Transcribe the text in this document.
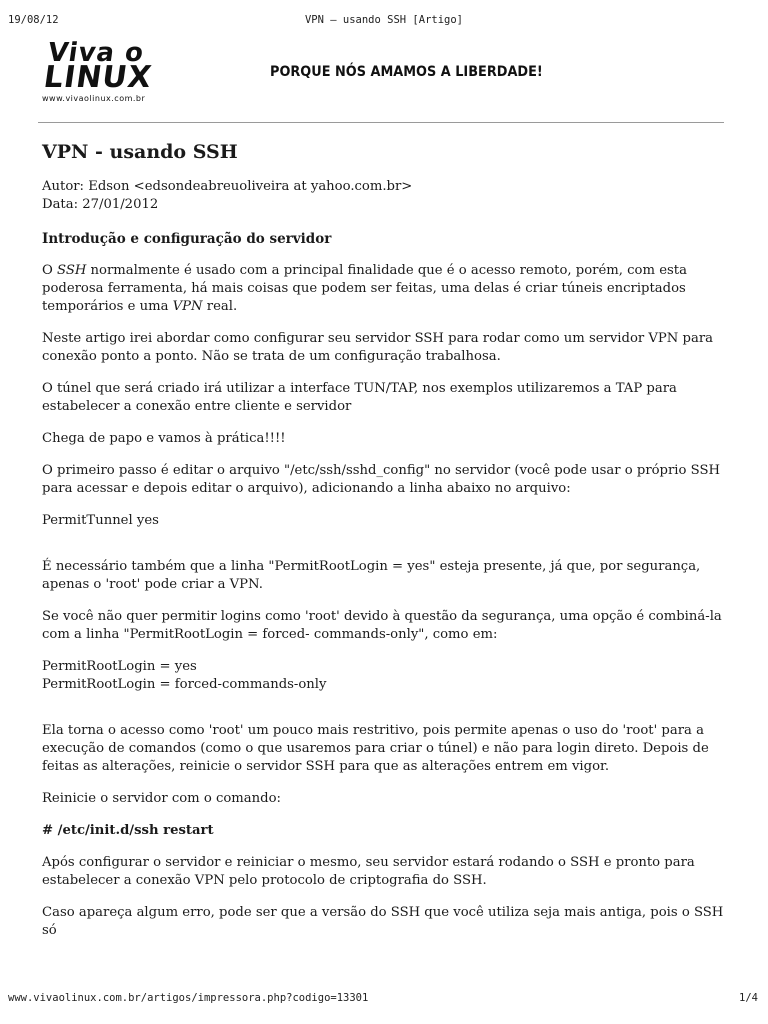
19/08/12	VPN – usando SSH [Artigo]
Viva o
LINUX
www.vivaolinux.com.br
PORQUE NÓS AMAMOS A LIBERDADE!
VPN - usando SSH

Autor: Edson <edsondeabreuoliveira at yahoo.com.br>

Data: 27/01/2012

Introdução e configuração do servidor

O SSH normalmente é usado com a principal finalidade que é o acesso remoto, porém, com esta poderosa ferramenta, há mais coisas que podem ser feitas, uma delas é criar túneis encriptados temporários e uma VPN real.

Neste artigo irei abordar como configurar seu servidor SSH para rodar como um servidor VPN para conexão ponto a ponto. Não se trata de um configuração trabalhosa.

O túnel que será criado irá utilizar a interface TUN/TAP, nos exemplos utilizaremos a TAP para estabelecer a conexão entre cliente e servidor

Chega de papo e vamos à prática!!!!

O primeiro passo é editar o arquivo "/etc/ssh/sshd_config" no servidor (você pode usar o próprio SSH para acessar e depois editar o arquivo), adicionando a linha abaixo no arquivo:

PermitTunnel yes

É necessário também que a linha "PermitRootLogin = yes" esteja presente, já que, por segurança, apenas o 'root' pode criar a VPN.

Se você não quer permitir logins como 'root' devido à questão da segurança, uma opção é combiná-la com a linha "PermitRootLogin = forced- commands-only", como em:

PermitRootLogin = yes

PermitRootLogin = forced-commands-only

Ela torna o acesso como 'root' um pouco mais restritivo, pois permite apenas o uso do 'root' para a execução de comandos (como o que usaremos para criar o túnel) e não para login direto. Depois de feitas as alterações, reinicie o servidor SSH para que as alterações entrem em vigor.

Reinicie o servidor com o comando:

# /etc/init.d/ssh restart

Após configurar o servidor e reiniciar o mesmo, seu servidor estará rodando o SSH e pronto para estabelecer a conexão VPN pelo protocolo de criptografia do SSH.

Caso apareça algum erro, pode ser que a versão do SSH que você utiliza seja mais antiga, pois o SSH só

www.vivaolinux.com.br/artigos/impressora.php?codigo=13301	1/4
